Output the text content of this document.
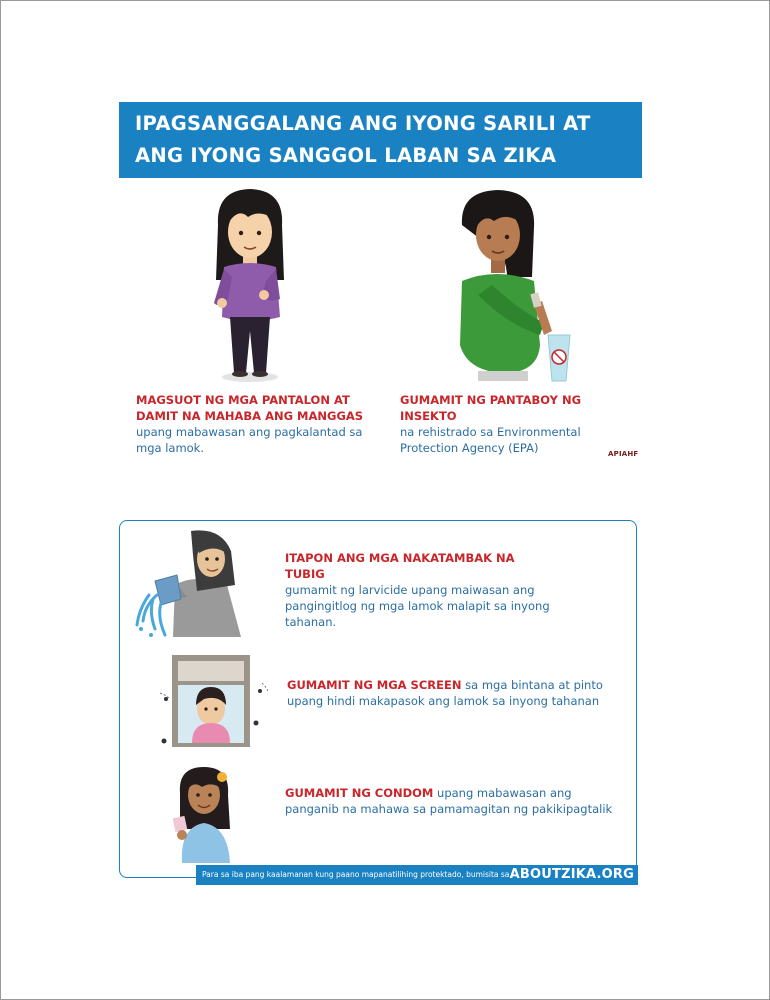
IPAGSANGGALANG ANG IYONG SARILI AT
ANG IYONG SANGGOL LABAN SA ZIKA
MAGSUOT NG MGA PANTALON AT
DAMIT NA MAHABA ANG MANGGAS
upang mabawasan ang pagkalantad sa mga lamok.
GUMAMIT NG PANTABOY NG INSEKTO
na rehistrado sa Environmental Protection Agency (EPA)	APIAHF
ITAPON ANG MGA NAKATAMBAK NA TUBIG
gumamit ng larvicide upang maiwasan ang pangingitlog ng mga lamok malapit sa inyong tahanan.
GUMAMIT NG MGA SCREEN sa mga bintana at pinto upang hindi makapasok ang lamok sa inyong tahanan
GUMAMIT NG CONDOM upang mabawasan ang panganib na mahawa sa pamamagitan ng pakikipagtalik
Para sa iba pang kaalamanan kung paano mapanatilihing protektado, bumisita sa ABOUTZIKA.ORG
